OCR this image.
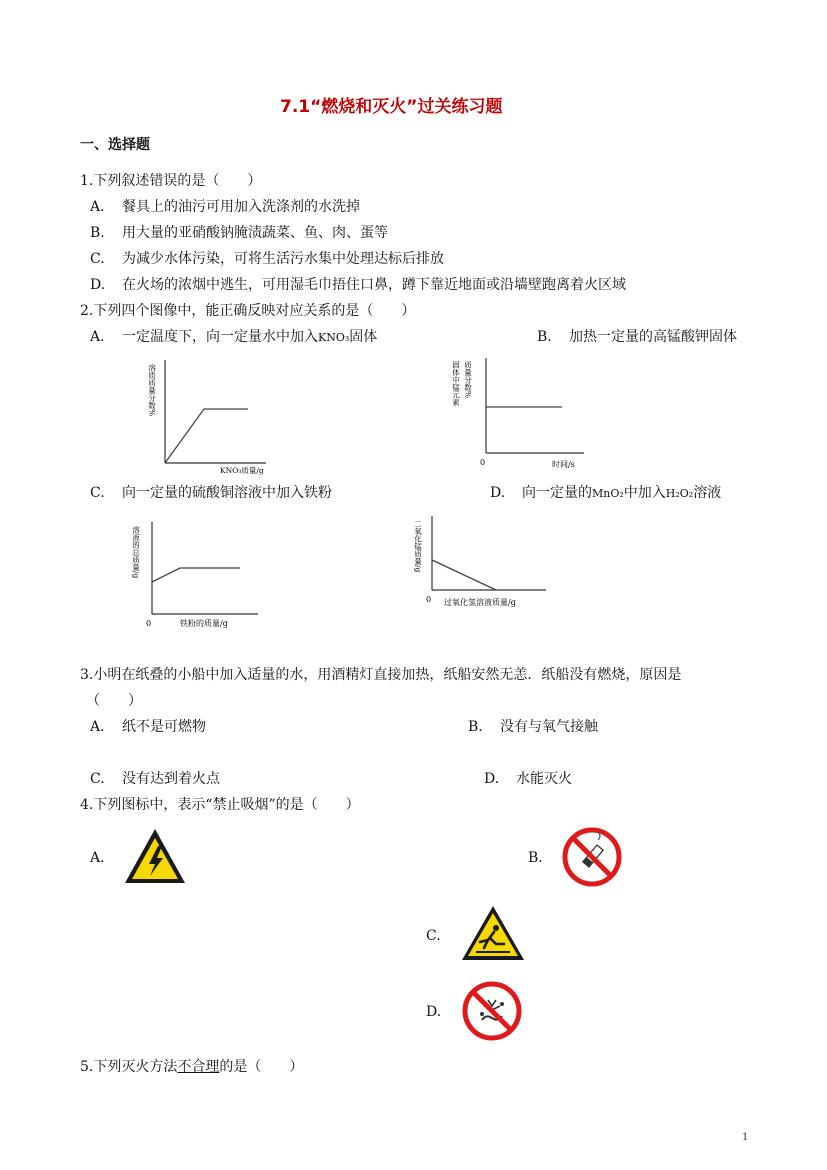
7.1“燃烧和灭火”过关练习题
一、选择题
1.下列叙述错误的是（　　）
A. 餐具上的油污可用加入洗涤剂的水洗掉
B. 用大量的亚硝酸钠腌渍蔬菜、鱼、肉、蛋等
C. 为减少水体污染，可将生活污水集中处理达标后排放
D. 在火场的浓烟中逃生，可用湿毛巾捂住口鼻，蹲下靠近地面或沿墙壁跑离着火区域
2.下列四个图像中，能正确反映对应关系的是（　　）
A. 一定温度下，向一定量水中加入KNO₃固体	B. 加热一定量的高锰酸钾固体
溶质质量分数%
KNO₃质量/g
固体中锰元素 质量分数%
0	时间/s
C. 向一定量的硫酸铜溶液中加入铁粉	D. 向一定量的MnO₂中加入H₂O₂溶液
溶液的总质量/g
0	铁粉的质量/g
二氧化锰质量/g
0 过氧化氢溶液质量/g
3.小明在纸叠的小船中加入适量的水，用酒精灯直接加热，纸船安然无恙．纸船没有燃烧，原因是
（　　）
A. 纸不是可燃物	B. 没有与氧气接触
C. 没有达到着火点	D. 水能灭火
4.下列图标中，表示“禁止吸烟”的是（　　）
A.	B.
C.
D.
5.下列灭火方法不合理的是（　　）
1
